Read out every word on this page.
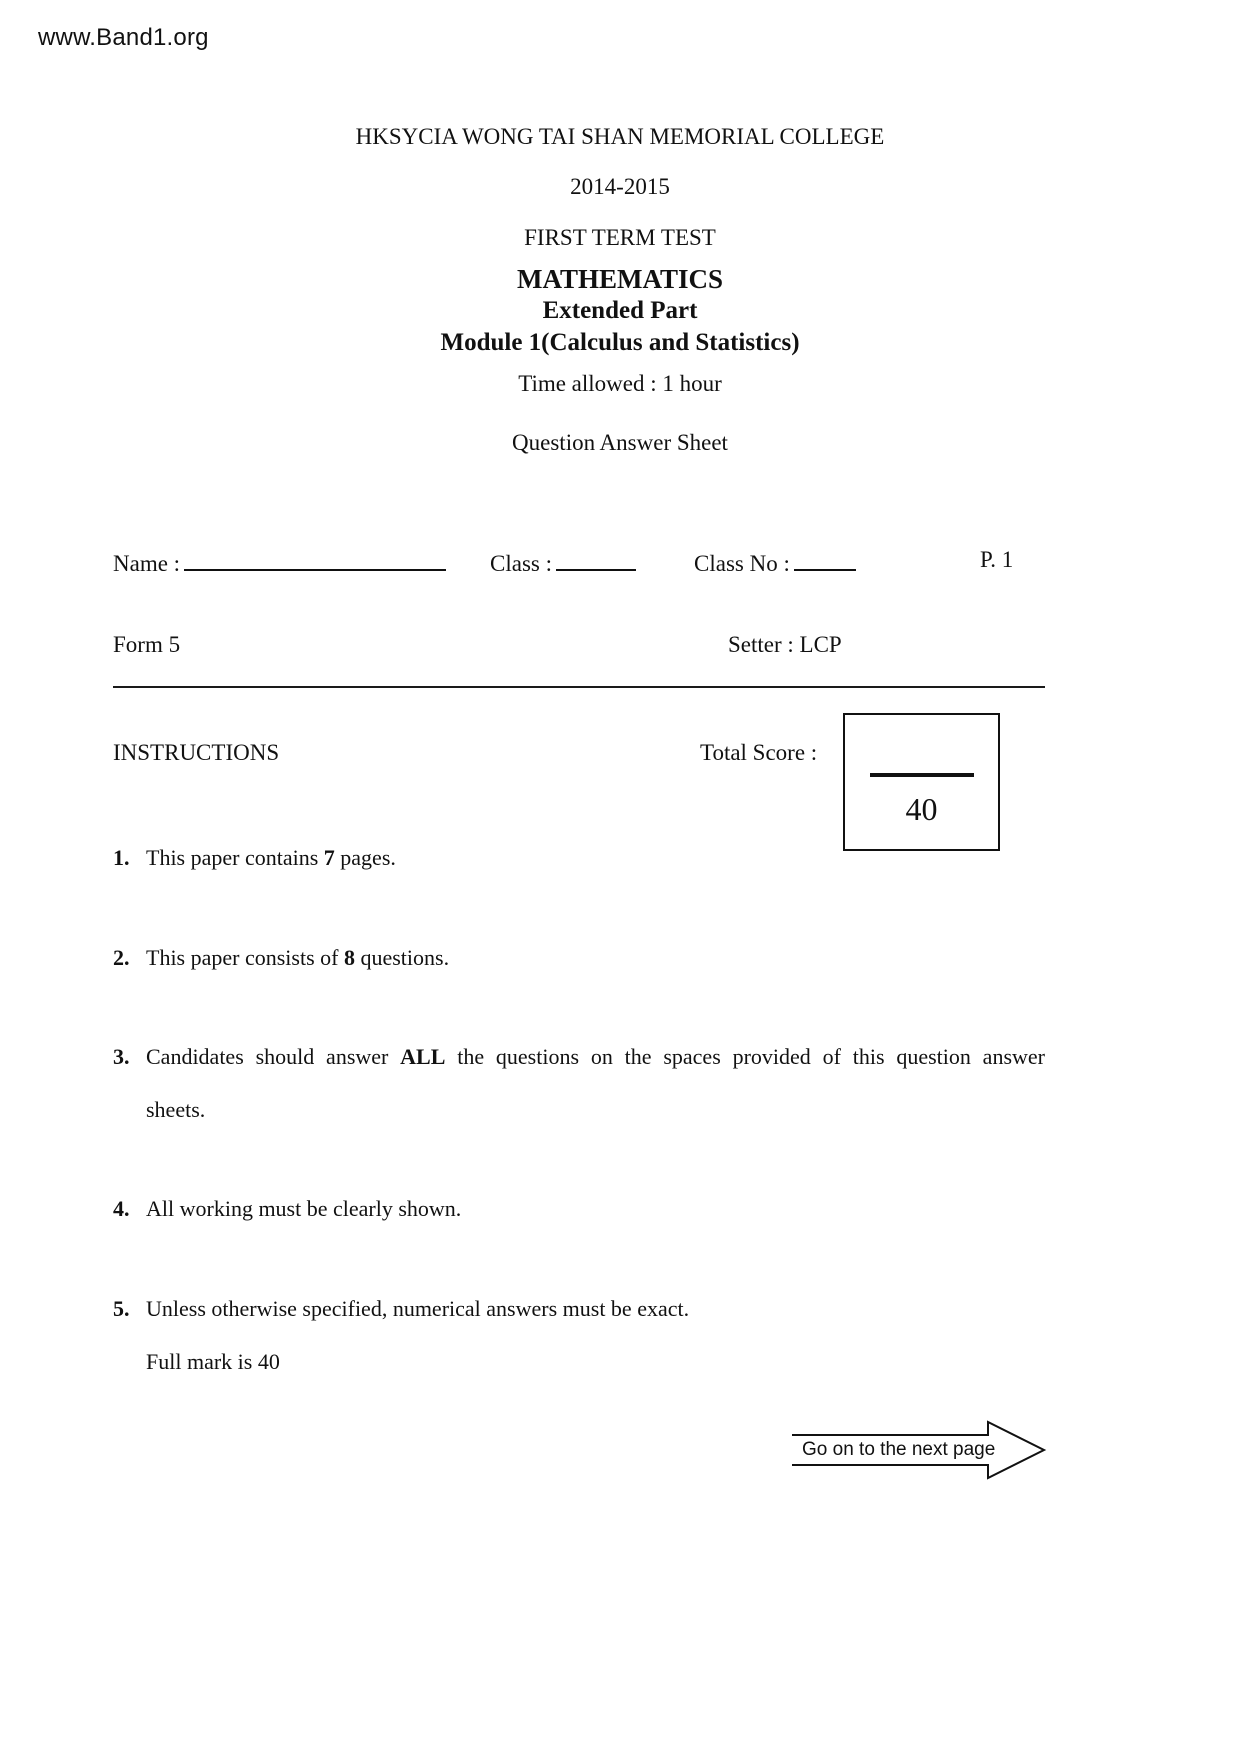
www.Band1.org
HKSYCIA WONG TAI SHAN MEMORIAL COLLEGE
2014-2015
FIRST TERM TEST
MATHEMATICS
Extended Part
Module 1(Calculus and Statistics)
Time allowed : 1 hour
Question Answer Sheet
Name :	Class :	Class No :	P. 1
Form 5	Setter : LCP
INSTRUCTIONS	Total Score :
40
1. This paper contains 7 pages.
2. This paper consists of 8 questions.
3. Candidates should answer ALL the questions on the spaces provided of this question answer
sheets.
4. All working must be clearly shown.
5. Unless otherwise specified, numerical answers must be exact.
Full mark is 40
Go on to the next page
